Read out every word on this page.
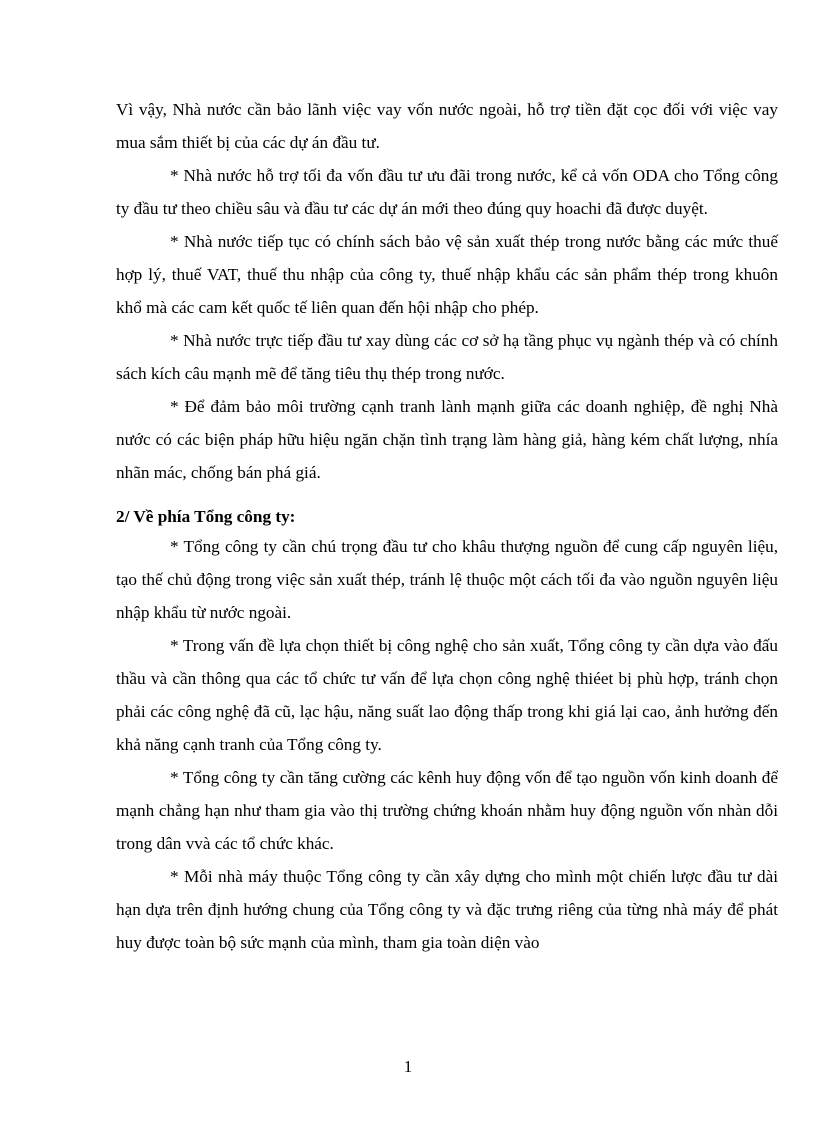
Vì vậy, Nhà nước cần bảo lãnh việc vay vốn nước ngoài, hỗ trợ tiền đặt cọc đối với việc vay mua sắm thiết bị của các dự án đầu tư.

* Nhà nước hỗ trợ tối đa vốn đầu tư ưu đãi trong nước, kể cả vốn ODA cho Tổng công ty đầu tư theo chiều sâu và đầu tư các dự án mới theo đúng quy hoachi đã được duyệt.

* Nhà nước tiếp tục có chính sách bảo vệ sản xuất thép trong nước bằng các mức thuế hợp lý, thuế VAT, thuế thu nhập của công ty, thuế nhập khẩu các sản phẩm thép trong khuôn khổ mà các cam kết quốc tế liên quan đến hội nhập cho phép.

* Nhà nước trực tiếp đầu tư xay dùng các cơ sở hạ tầng phục vụ ngành thép và có chính sách kích câu mạnh mẽ để tăng tiêu thụ thép trong nước.

* Để đảm bảo môi trường cạnh tranh lành mạnh giữa các doanh nghiệp, đề nghị Nhà nước có các biện pháp hữu hiệu ngăn chặn tình trạng làm hàng giả, hàng kém chất lượng, nhía nhãn mác, chống bán phá giá.

2/ Về phía Tổng công ty:

* Tổng công ty cần chú trọng đầu tư cho khâu thượng nguồn để cung cấp nguyên liệu, tạo thế chủ động trong việc sản xuất thép, tránh lệ thuộc một cách tối đa vào nguồn nguyên liệu nhập khẩu từ nước ngoài.

* Trong vấn đề lựa chọn thiết bị công nghệ cho sản xuất, Tổng công ty cần dựa vào đấu thầu và cần thông qua các tổ chức tư vấn để lựa chọn công nghệ thiéet bị phù hợp, tránh chọn phải các công nghệ đã cũ, lạc hậu, năng suất lao động thấp trong khi giá lại cao, ảnh hưởng đến khả năng cạnh tranh của Tổng công ty.

* Tổng công ty cần tăng cường các kênh huy động vốn để tạo nguồn vốn kinh doanh để mạnh chẳng hạn như tham gia vào thị trường chứng khoán nhằm huy động nguồn vốn nhàn dỗi trong dân vvà các tổ chức khác.

* Mỗi nhà máy thuộc Tổng công ty cần xây dựng cho mình một chiến lược đầu tư dài hạn dựa trên định hướng chung của Tổng công ty và đặc trưng riêng của từng nhà máy để phát huy được toàn bộ sức mạnh của mình, tham gia toàn diện vào

1
